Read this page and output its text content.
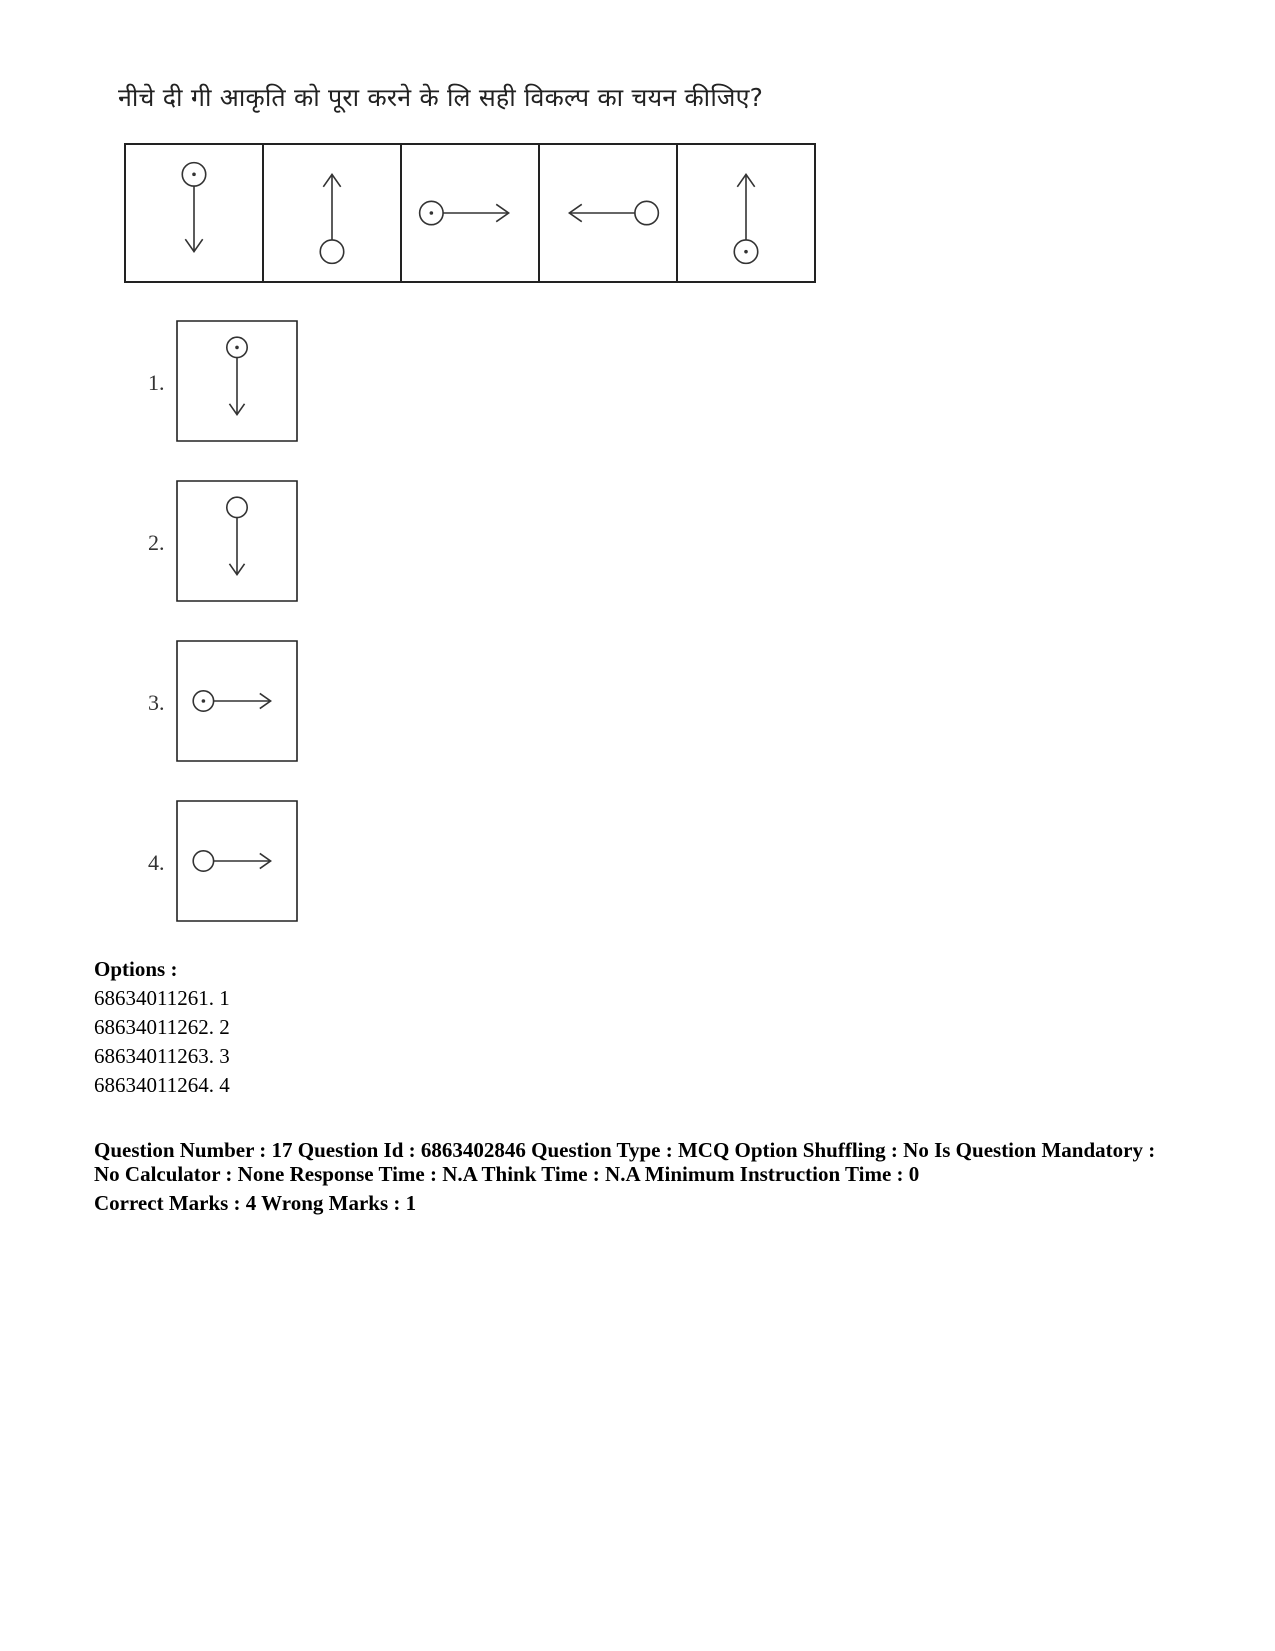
नीचे दी गी आकृति को पूरा करने के लि सही विकल्प का चयन कीजिए?
1.
2.
3.
4.
Options :
68634011261. 1
68634011262. 2
68634011263. 3
68634011264. 4
Question Number : 17 Question Id : 6863402846 Question Type : MCQ Option Shuffling : No Is Question Mandatory :
No Calculator : None Response Time : N.A Think Time : N.A Minimum Instruction Time : 0
Correct Marks : 4 Wrong Marks : 1
